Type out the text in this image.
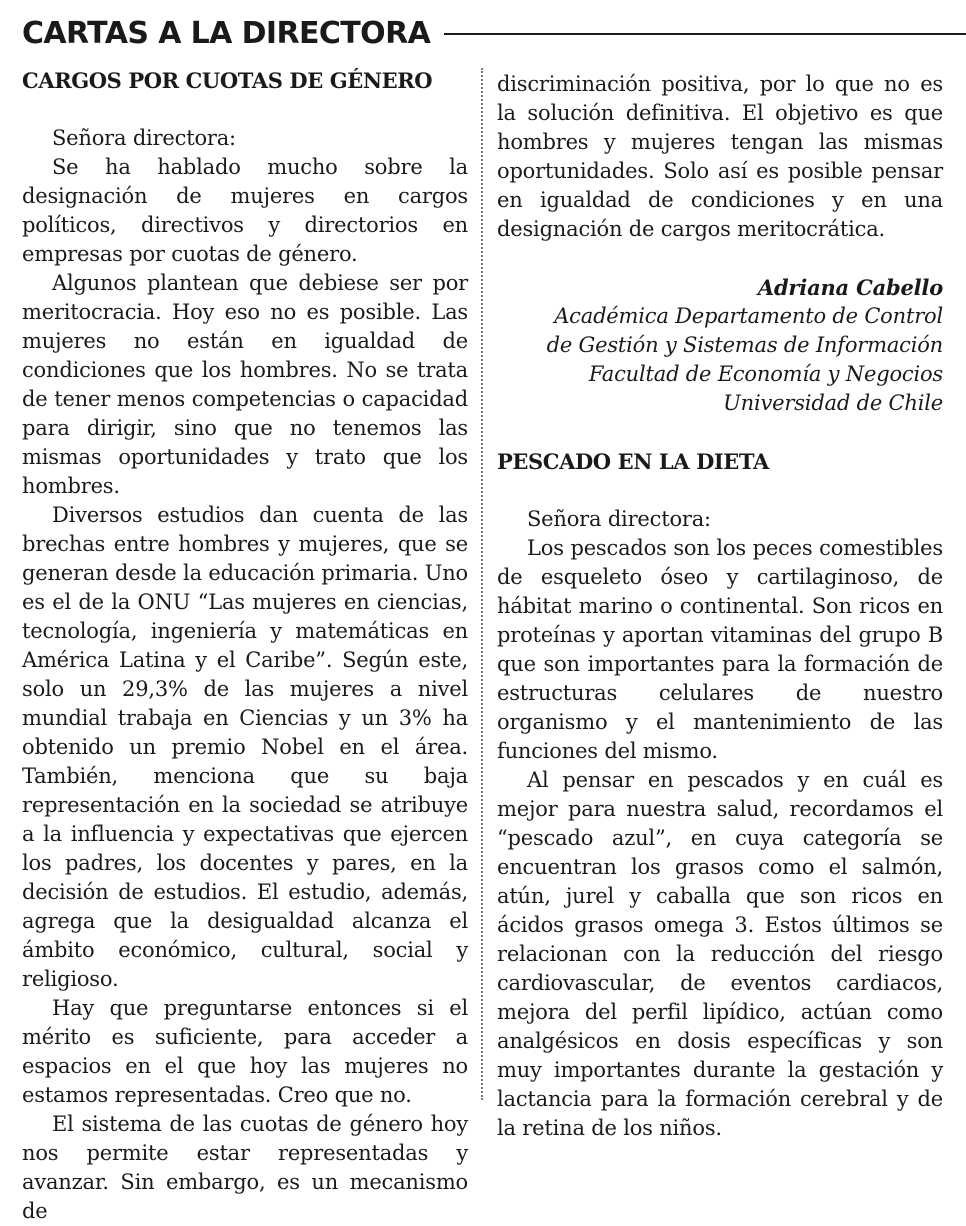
CARTAS A LA DIRECTORA
CARGOS POR CUOTAS DE GÉNERO

Señora directora:

Se ha hablado mucho sobre la designación de mujeres en cargos políticos, directivos y directorios en empresas por cuotas de género.

Algunos plantean que debiese ser por meritocracia. Hoy eso no es posible. Las mujeres no están en igualdad de condiciones que los hombres. No se trata de tener menos competencias o capacidad para dirigir, sino que no tenemos las mismas oportunidades y trato que los hombres.

Diversos estudios dan cuenta de las brechas entre hombres y mujeres, que se generan desde la educación primaria. Uno es el de la ONU “Las mujeres en ciencias, tecnología, ingeniería y matemáticas en América Latina y el Caribe”. Según este, solo un 29,3% de las mujeres a nivel mundial trabaja en Ciencias y un 3% ha obtenido un premio Nobel en el área. También, menciona que su baja representación en la sociedad se atribuye a la influencia y expectativas que ejercen los padres, los docentes y pares, en la decisión de estudios. El estudio, además, agrega que la desigualdad alcanza el ámbito económico, cultural, social y religioso.

Hay que preguntarse entonces si el mérito es suficiente, para acceder a espacios en el que hoy las mujeres no estamos representadas. Creo que no.

El sistema de las cuotas de género hoy nos permite estar representadas y avanzar. Sin embargo, es un mecanismo de

discriminación positiva, por lo que no es la solución definitiva. El objetivo es que hombres y mujeres tengan las mismas oportunidades. Solo así es posible pensar en igualdad de condiciones y en una designación de cargos meritocrática.

Adriana Cabello
Académica Departamento de Control
de Gestión y Sistemas de Información
Facultad de Economía y Negocios
Universidad de Chile
PESCADO EN LA DIETA

Señora directora:

Los pescados son los peces comestibles de esqueleto óseo y cartilaginoso, de hábitat marino o continental. Son ricos en proteínas y aportan vitaminas del grupo B que son importantes para la formación de estructuras celulares de nuestro organismo y el mantenimiento de las funciones del mismo.

Al pensar en pescados y en cuál es mejor para nuestra salud, recordamos el “pescado azul”, en cuya categoría se encuentran los grasos como el salmón, atún, jurel y caballa que son ricos en ácidos grasos omega 3. Estos últimos se relacionan con la reducción del riesgo cardiovascular, de eventos cardiacos, mejora del perfil lipídico, actúan como analgésicos en dosis específicas y son muy importantes durante la gestación y lactancia para la formación cerebral y de la retina de los niños.
